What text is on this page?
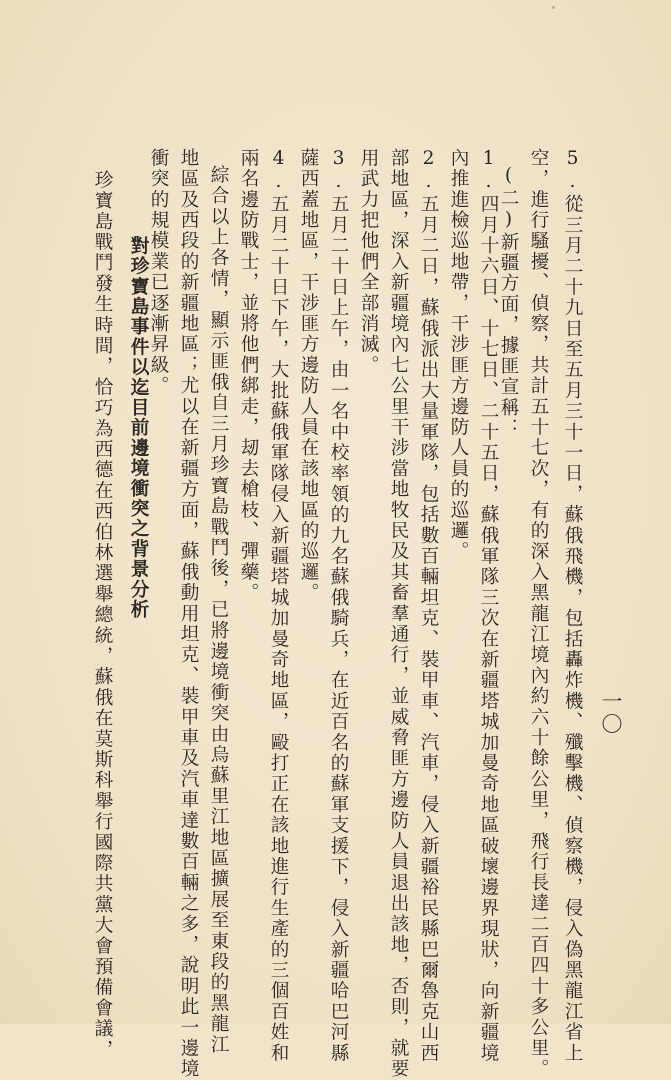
一〇
5.從三月二十九日至五月三十一日，蘇俄飛機，包括轟炸機、殲擊機、偵察機，侵入偽黑龍江省上
空，進行騷擾、偵察，共計五十七次，有的深入黑龍江境內約六十餘公里，飛行長達二百四十多公里。
(二)新疆方面，據匪宣稱：
1.四月十六日、十七日、二十五日，蘇俄軍隊三次在新疆塔城加曼奇地區破壞邊界現狀，向新疆境
內推進檢巡地帶，干涉匪方邊防人員的巡邏。
2.五月二日，蘇俄派出大量軍隊，包括數百輛坦克、裝甲車、汽車，侵入新疆裕民縣巴爾魯克山西
部地區，深入新疆境內七公里干涉當地牧民及其畜羣通行，並威脅匪方邊防人員退出該地，否則，就要
用武力把他們全部消滅。
3.五月二十日上午，由一名中校率領的九名蘇俄騎兵，在近百名的蘇軍支援下，侵入新疆哈巴河縣
薩西蓋地區，干涉匪方邊防人員在該地區的巡邏。
4.五月二十日下午，大批蘇俄軍隊侵入新疆塔城加曼奇地區，毆打正在該地進行生產的三個百姓和
兩名邊防戰士，並將他們綁走，刼去槍枝、彈藥。
綜合以上各情，顯示匪俄自三月珍寶島戰鬥後，已將邊境衝突由烏蘇里江地區擴展至東段的黑龍江
地區及西段的新疆地區；尤以在新疆方面，蘇俄動用坦克、裝甲車及汽車達數百輛之多，說明此一邊境
衝突的規模業已逐漸昇級。
對珍寶島事件以迄目前邊境衝突之背景分析
珍寶島戰鬥發生時間，恰巧為西德在西伯林選舉總統，蘇俄在莫斯科舉行國際共黨大會預備會議，
